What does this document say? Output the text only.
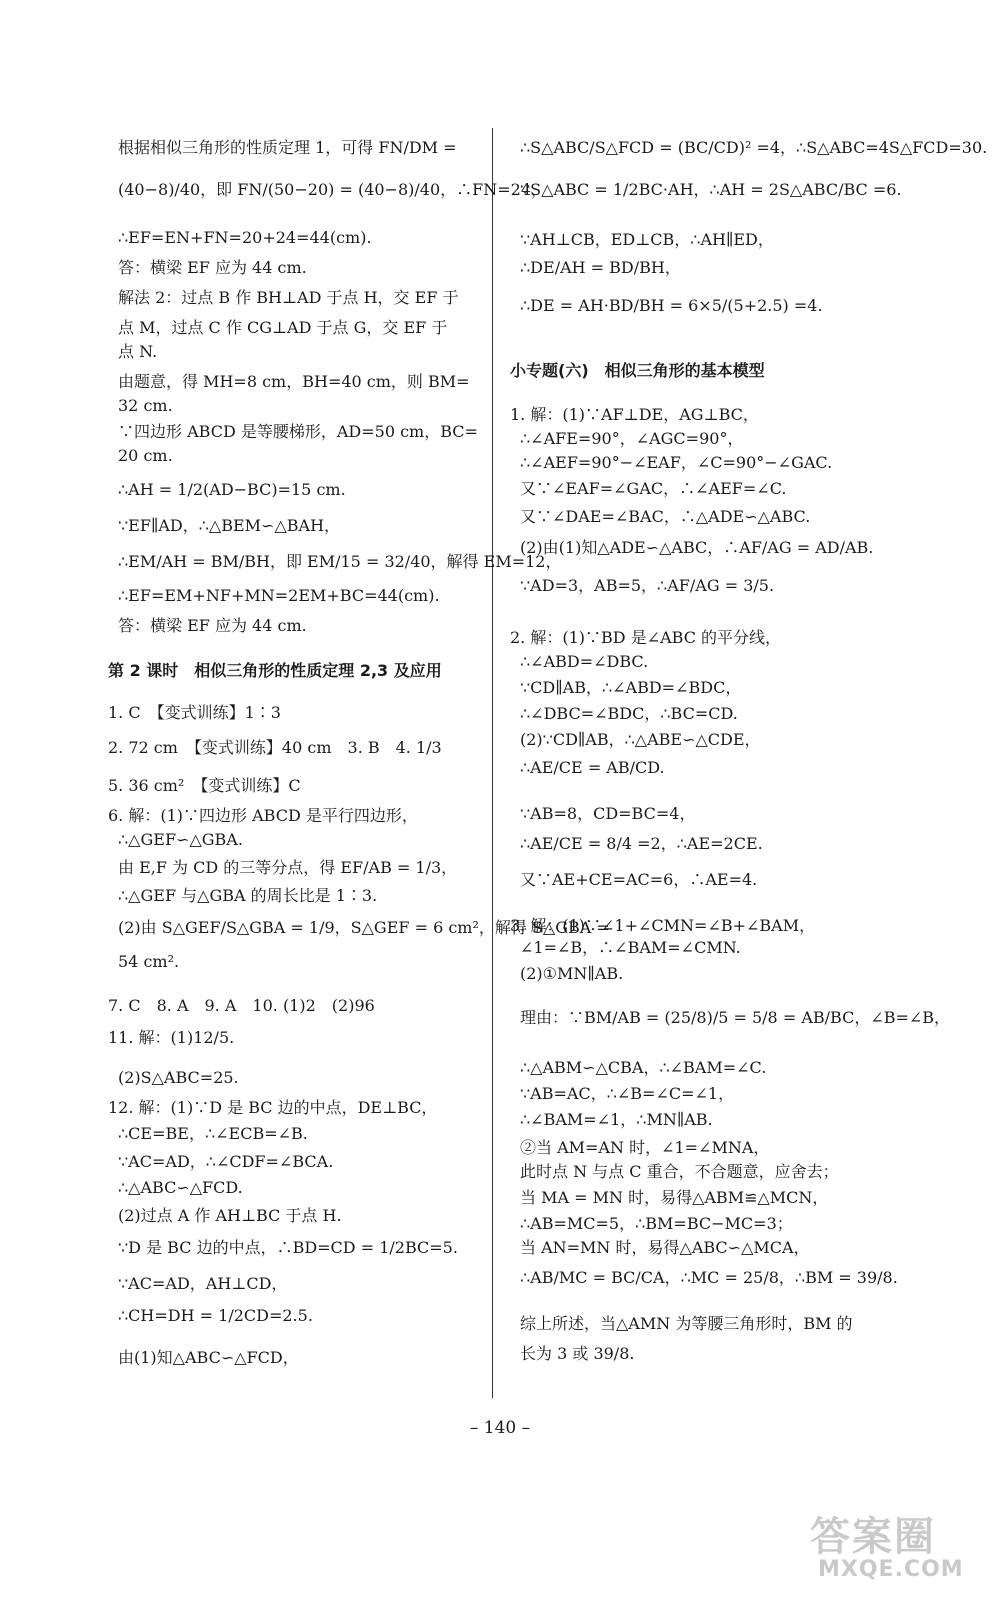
根据相似三角形的性质定理 1，可得 FN/DM =
(40−8)/40，即 FN/(50−20) = (40−8)/40，∴FN=24，
∴EF=EN+FN=20+24=44(cm).
答：横梁 EF 应为 44 cm.
解法 2：过点 B 作 BH⊥AD 于点 H，交 EF 于
点 M，过点 C 作 CG⊥AD 于点 G，交 EF 于
点 N.
由题意，得 MH=8 cm，BH=40 cm，则 BM=
32 cm.
∵四边形 ABCD 是等腰梯形，AD=50 cm，BC=
20 cm.
∴AH = 1/2(AD−BC)=15 cm.
∵EF∥AD，∴△BEM∽△BAH，
∴EM/AH = BM/BH，即 EM/15 = 32/40，解得 EM=12，
∴EF=EM+NF+MN=2EM+BC=44(cm).
答：横梁 EF 应为 44 cm.
第 2 课时　相似三角形的性质定理 2,3 及应用
1. C　【变式训练】1∶3
2. 72 cm　【变式训练】40 cm　3. B　4. 1/3
5. 36 cm²　【变式训练】C
6. 解：(1)∵四边形 ABCD 是平行四边形，
∴△GEF∽△GBA.
由 E,F 为 CD 的三等分点，得 EF/AB = 1/3，
∴△GEF 与△GBA 的周长比是 1∶3.
(2)由 S△GEF/S△GBA = 1/9，S△GEF = 6 cm²，解得 S△GBA =
54 cm².
7. C　8. A　9. A　10. (1)2　(2)96
11. 解：(1)12/5.
(2)S△ABC=25.
12. 解：(1)∵D 是 BC 边的中点，DE⊥BC，
∴CE=BE，∴∠ECB=∠B.
∵AC=AD，∴∠CDF=∠BCA.
∴△ABC∽△FCD.
(2)过点 A 作 AH⊥BC 于点 H.
∵D 是 BC 边的中点，∴BD=CD = 1/2BC=5.
∵AC=AD，AH⊥CD，
∴CH=DH = 1/2CD=2.5.
由(1)知△ABC∽△FCD，
∴S△ABC/S△FCD = (BC/CD)² =4，∴S△ABC=4S△FCD=30.
∵S△ABC = 1/2BC·AH，∴AH = 2S△ABC/BC =6.
∵AH⊥CB，ED⊥CB，∴AH∥ED，
∴DE/AH = BD/BH，
∴DE = AH·BD/BH = 6×5/(5+2.5) =4.
小专题(六)　相似三角形的基本模型
1. 解：(1)∵AF⊥DE，AG⊥BC，
∴∠AFE=90°，∠AGC=90°，
∴∠AEF=90°−∠EAF，∠C=90°−∠GAC.
又∵∠EAF=∠GAC，∴∠AEF=∠C.
又∵∠DAE=∠BAC，∴△ADE∽△ABC.
(2)由(1)知△ADE∽△ABC，∴AF/AG = AD/AB.
∵AD=3，AB=5，∴AF/AG = 3/5.
2. 解：(1)∵BD 是∠ABC 的平分线，
∴∠ABD=∠DBC.
∵CD∥AB，∴∠ABD=∠BDC，
∴∠DBC=∠BDC，∴BC=CD.
(2)∵CD∥AB，∴△ABE∽△CDE，
∴AE/CE = AB/CD.
∵AB=8，CD=BC=4，
∴AE/CE = 8/4 =2，∴AE=2CE.
又∵AE+CE=AC=6，∴AE=4.
3. 解：(1)∵∠1+∠CMN=∠B+∠BAM，
∠1=∠B，∴∠BAM=∠CMN.
(2)①MN∥AB.
理由：∵BM/AB = (25/8)/5 = 5/8 = AB/BC，∠B=∠B，
∴△ABM∽△CBA，∴∠BAM=∠C.
∵AB=AC，∴∠B=∠C=∠1，
∴∠BAM=∠1，∴MN∥AB.
②当 AM=AN 时，∠1=∠MNA，
此时点 N 与点 C 重合，不合题意，应舍去；
当 MA = MN 时，易得△ABM≌△MCN，
∴AB=MC=5，∴BM=BC−MC=3；
当 AN=MN 时，易得△ABC∽△MCA，
∴AB/MC = BC/CA，∴MC = 25/8，∴BM = 39/8.
综上所述，当△AMN 为等腰三角形时，BM 的
长为 3 或 39/8.
– 140 –
答案圈
MXQE.COM
